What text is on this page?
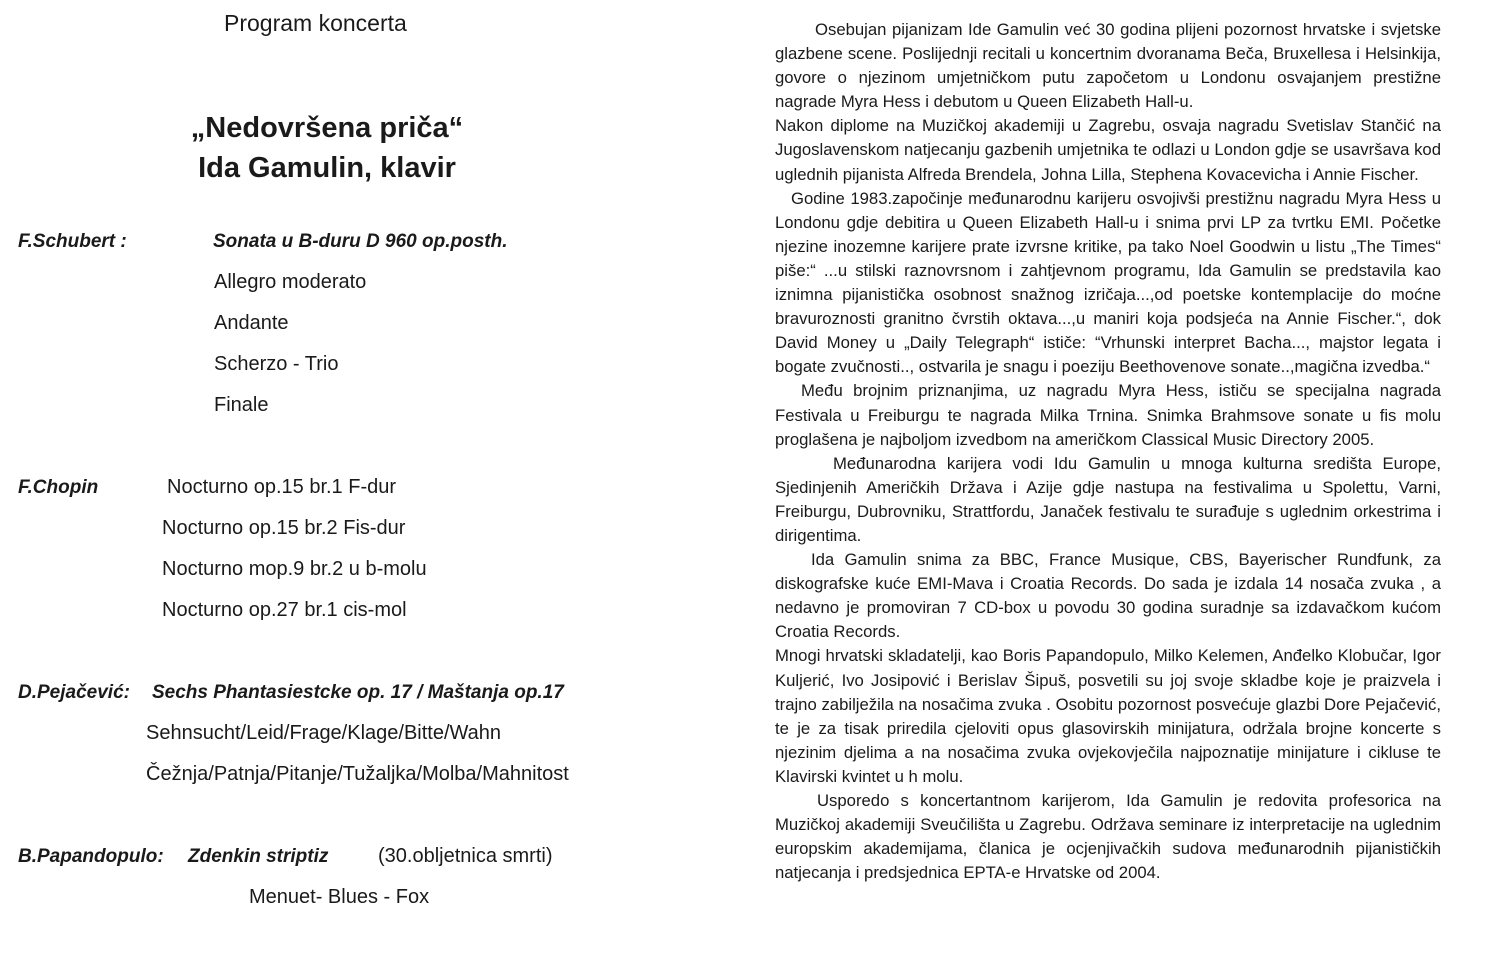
Program koncerta
„Nedovršena priča“
Ida Gamulin, klavir
F.Schubert :	Sonata u B-duru D 960 op.posth.
Allegro moderato
Andante
Scherzo - Trio
Finale
F.Chopin	Nocturno op.15 br.1 F-dur
Nocturno op.15 br.2 Fis-dur
Nocturno mop.9 br.2 u b-molu
Nocturno op.27 br.1 cis-mol
D.Pejačević: Sechs Phantasiestcke op. 17 / Maštanja op.17
Sehnsucht/Leid/Frage/Klage/Bitte/Wahn
Čežnja/Patnja/Pitanje/Tužaljka/Molba/Mahnitost
B.Papandopulo: Zdenkin striptiz (30.obljetnica smrti)
Menuet- Blues - Fox

Osebujan pijanizam Ide Gamulin već 30 godina plijeni pozornost hrvatske i svjetske glazbene scene. Poslijednji recitali u koncertnim dvoranama Beča, Bruxellesa i Helsinkija, govore o njezinom umjetničkom putu započetom u Londonu osvajanjem prestižne nagrade Myra Hess i debutom u Queen Elizabeth Hall-u.

Nakon diplome na Muzičkoj akademiji u Zagrebu, osvaja nagradu Svetislav Stančić na Jugoslavenskom natjecanju gazbenih umjetnika te odlazi u London gdje se usavršava kod uglednih pijanista Alfreda Brendela, Johna Lilla, Stephena Kovacevicha i Annie Fischer.

Godine 1983.započinje međunarodnu karijeru osvojivši prestižnu nagradu Myra Hess u Londonu gdje debitira u Queen Elizabeth Hall-u i snima prvi LP za tvrtku EMI. Početke njezine inozemne karijere prate izvrsne kritike, pa tako Noel Goodwin u listu „The Times“ piše:“ ...u stilski raznovrsnom i zahtjevnom programu, Ida Gamulin se predstavila kao iznimna pijanistička osobnost snažnog izričaja...,od poetske kontemplacije do moćne bravuroznosti granitno čvrstih oktava...,u maniri koja podsjeća na Annie Fischer.“, dok David Money u „Daily Telegraph“ ističe: “Vrhunski interpret Bacha..., majstor legata i bogate zvučnosti.., ostvarila je snagu i poeziju Beethovenove sonate..,magična izvedba.“

Među brojnim priznanjima, uz nagradu Myra Hess, ističu se specijalna nagrada Festivala u Freiburgu te nagrada Milka Trnina. Snimka Brahmsove sonate u fis molu proglašena je najboljom izvedbom na američkom Classical Music Directory 2005.

Međunarodna karijera vodi Idu Gamulin u mnoga kulturna središta Europe, Sjedinjenih Američkih Država i Azije gdje nastupa na festivalima u Spolettu, Varni, Freiburgu, Dubrovniku, Strattfordu, Janaček festivalu te surađuje s uglednim orkestrima i dirigentima.

Ida Gamulin snima za BBC, France Musique, CBS, Bayerischer Rundfunk, za diskografske kuće EMI-Mava i Croatia Records. Do sada je izdala 14 nosača zvuka , a nedavno je promoviran 7 CD-box u povodu 30 godina suradnje sa izdavačkom kućom Croatia Records.

Mnogi hrvatski skladatelji, kao Boris Papandopulo, Milko Kelemen, Anđelko Klobučar, Igor Kuljerić, Ivo Josipović i Berislav Šipuš, posvetili su joj svoje skladbe koje je praizvela i trajno zabilježila na nosačima zvuka . Osobitu pozornost posvećuje glazbi Dore Pejačević, te je za tisak priredila cjeloviti opus glasovirskih minijatura, održala brojne koncerte s njezinim djelima a na nosačima zvuka ovjekovječila najpoznatije minijature i cikluse te Klavirski kvintet u h molu.

Usporedo s koncertantnom karijerom, Ida Gamulin je redovita profesorica na Muzičkoj akademiji Sveučilišta u Zagrebu. Održava seminare iz interpretacije na uglednim europskim akademijama, članica je ocjenjivačkih sudova međunarodnih pijanističkih natjecanja i predsjednica EPTA-e Hrvatske od 2004.
